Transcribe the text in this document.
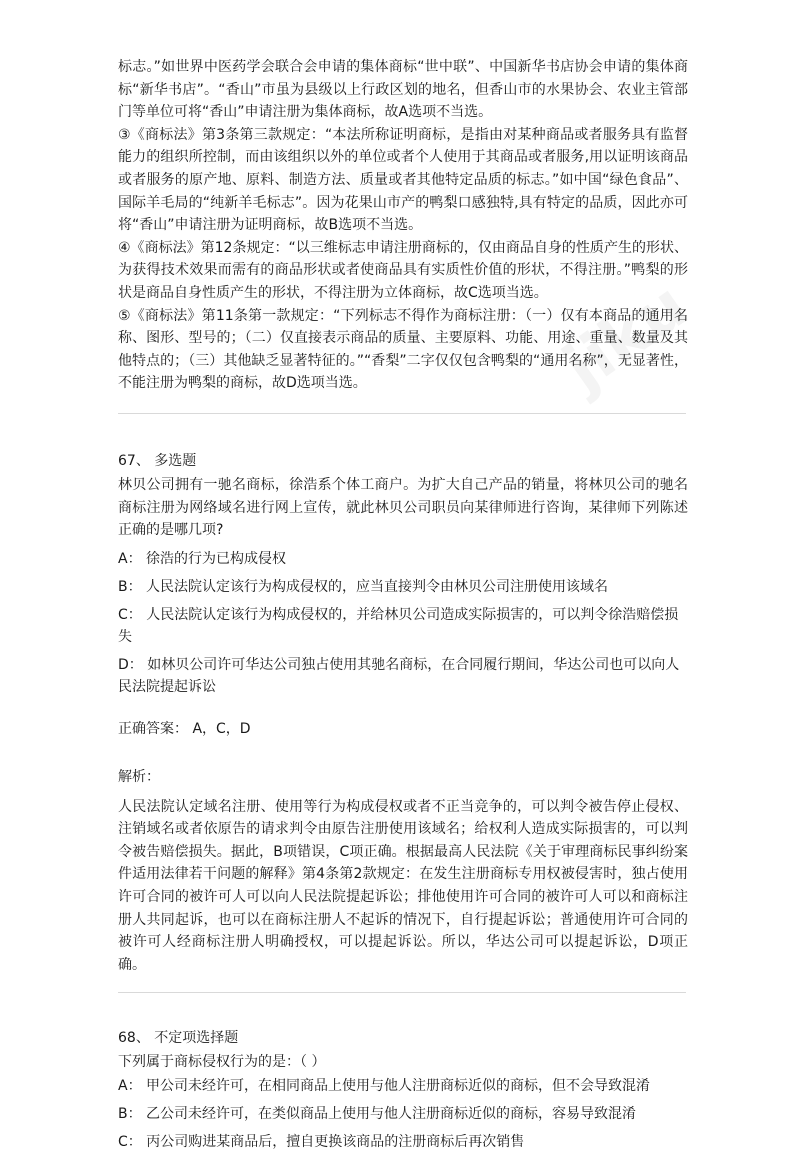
jiku

标志。”如世界中医药学会联合会申请的集体商标“世中联”、中国新华书店协会申请的集体商标“新华书店”。“香山”市虽为县级以上行政区划的地名，但香山市的水果协会、农业主管部门等单位可将“香山”申请注册为集体商标，故A选项不当选。

③《商标法》第3条第三款规定：“本法所称证明商标，是指由对某种商品或者服务具有监督能力的组织所控制，而由该组织以外的单位或者个人使用于其商品或者服务,用以证明该商品或者服务的原产地、原料、制造方法、质量或者其他特定品质的标志。”如中国“绿色食品”、国际羊毛局的“纯新羊毛标志”。因为花果山市产的鸭梨口感独特,具有特定的品质，因此亦可将“香山”申请注册为证明商标，故B选项不当选。

④《商标法》第12条规定：“以三维标志申请注册商标的，仅由商品自身的性质产生的形状、为获得技术效果而需有的商品形状或者使商品具有实质性价值的形状，不得注册。”鸭梨的形状是商品自身性质产生的形状，不得注册为立体商标，故C选项当选。

⑤《商标法》第11条第一款规定：“下列标志不得作为商标注册：（一）仅有本商品的通用名称、图形、型号的；（二）仅直接表示商品的质量、主要原料、功能、用途、重量、数量及其他特点的；（三）其他缺乏显著特征的。”“香梨”二字仅仅包含鸭梨的“通用名称”，无显著性，不能注册为鸭梨的商标，故D选项当选。

67、 多选题

林贝公司拥有一驰名商标，徐浩系个体工商户。为扩大自己产品的销量，将林贝公司的驰名商标注册为网络域名进行网上宣传，就此林贝公司职员向某律师进行咨询，某律师下列陈述正确的是哪几项?

A： 徐浩的行为已构成侵权

B： 人民法院认定该行为构成侵权的，应当直接判令由林贝公司注册使用该域名

C： 人民法院认定该行为构成侵权的，并给林贝公司造成实际损害的，可以判令徐浩赔偿损失

D： 如林贝公司许可华达公司独占使用其驰名商标，在合同履行期间，华达公司也可以向人民法院提起诉讼

正确答案： A，C，D

解析：

人民法院认定域名注册、使用等行为构成侵权或者不正当竞争的，可以判令被告停止侵权、注销域名或者依原告的请求判令由原告注册使用该域名；给权利人造成实际损害的，可以判令被告赔偿损失。据此，B项错误，C项正确。根据最高人民法院《关于审理商标民事纠纷案件适用法律若干问题的解释》第4条第2款规定：在发生注册商标专用权被侵害时，独占使用许可合同的被许可人可以向人民法院提起诉讼；排他使用许可合同的被许可人可以和商标注册人共同起诉，也可以在商标注册人不起诉的情况下，自行提起诉讼；普通使用许可合同的被许可人经商标注册人明确授权，可以提起诉讼。所以，华达公司可以提起诉讼，D项正确。

68、 不定项选择题

下列属于商标侵权行为的是：（ ）

A： 甲公司未经许可，在相同商品上使用与他人注册商标近似的商标，但不会导致混淆

B： 乙公司未经许可，在类似商品上使用与他人注册商标近似的商标，容易导致混淆

C： 丙公司购进某商品后，擅自更换该商品的注册商标后再次销售
